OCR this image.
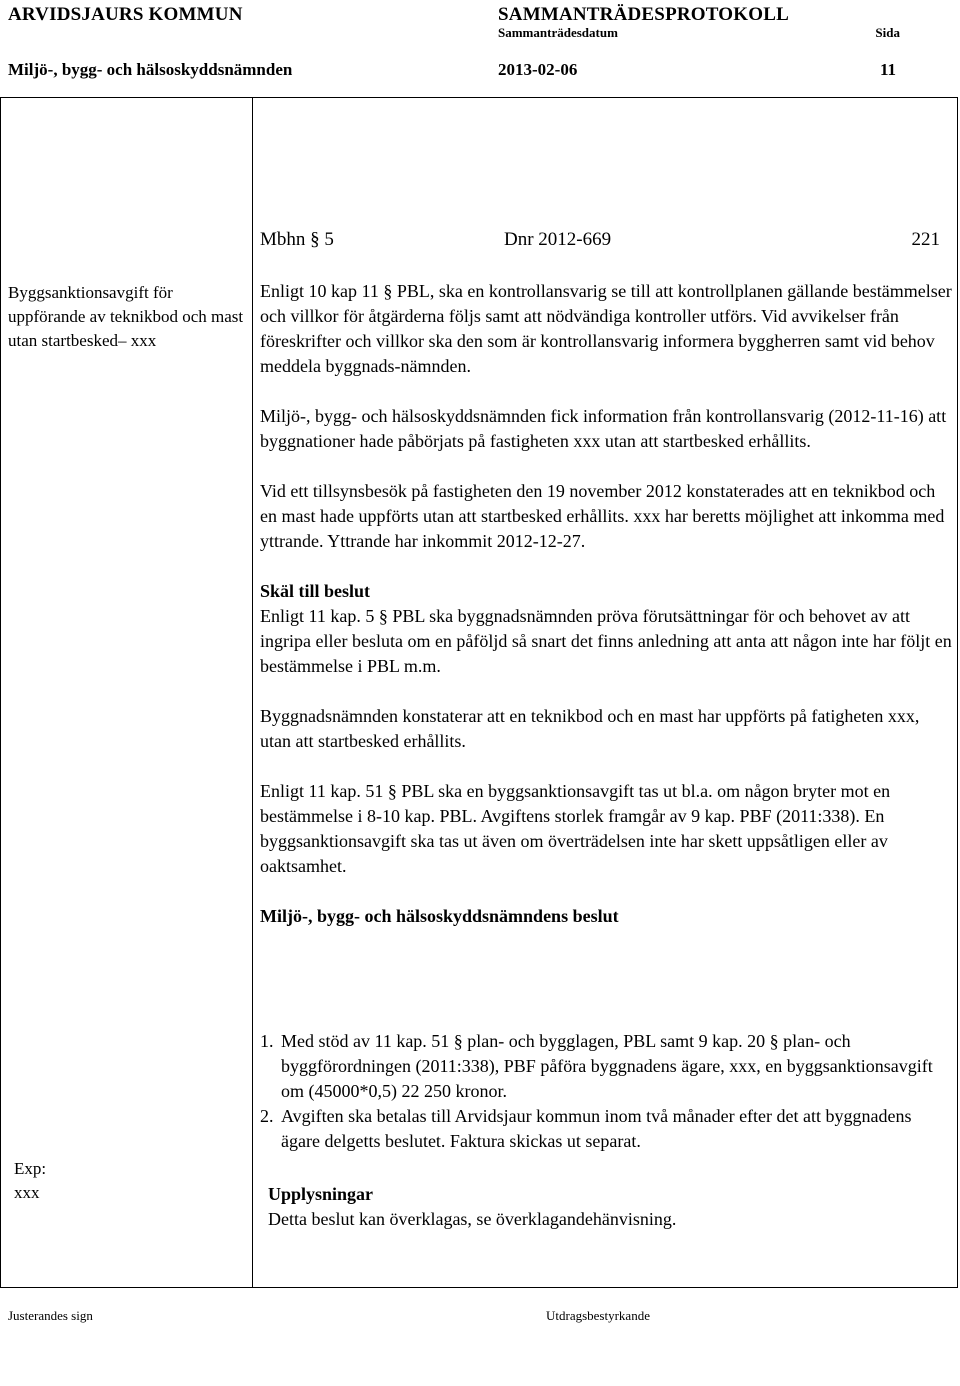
ARVIDSJAURS KOMMUN	SAMMANTRÄDESPROTOKOLL
Sammanträdesdatum	Sida
Miljö-, bygg- och hälsoskyddsnämnden	2013-02-06	11
Byggsanktionsavgift för uppförande av teknikbod och mast utan startbesked– xxx
Exp:
xxx
Mbhn § 5	Dnr 2012-669	221

Enligt 10 kap 11 § PBL, ska en kontrollansvarig se till att kontrollplanen gällande bestämmelser och villkor för åtgärderna följs samt att nödvändiga kontroller utförs. Vid avvikelser från föreskrifter och villkor ska den som är kontrollansvarig informera byggherren samt vid behov meddela byggnads-nämnden.

Miljö-, bygg- och hälsoskyddsnämnden fick information från kontrollansvarig (2012-11-16) att byggnationer hade påbörjats på fastigheten xxx utan att startbesked erhållits.

Vid ett tillsynsbesök på fastigheten den 19 november 2012 konstaterades att en teknikbod och en mast hade uppförts utan att startbesked erhållits. xxx har beretts möjlighet att inkomma med yttrande. Yttrande har inkommit 2012-12-27.

Skäl till beslut

Enligt 11 kap. 5 § PBL ska byggnadsnämnden pröva förutsättningar för och behovet av att ingripa eller besluta om en påföljd så snart det finns anledning att anta att någon inte har följt en bestämmelse i PBL m.m.

Byggnadsnämnden konstaterar att en teknikbod och en mast har uppförts på fatigheten xxx, utan att startbesked erhållits.

Enligt 11 kap. 51 § PBL ska en byggsanktionsavgift tas ut bl.a. om någon bryter mot en bestämmelse i 8-10 kap. PBL. Avgiftens storlek framgår av 9 kap. PBF (2011:338). En byggsanktionsavgift ska tas ut även om överträdelsen inte har skett uppsåtligen eller av oaktsamhet.

Miljö-, bygg- och hälsoskyddsnämndens beslut

1. Med stöd av 11 kap. 51 § plan- och bygglagen, PBL samt 9 kap. 20 § plan- och byggförordningen (2011:338), PBF påföra byggnadens ägare, xxx, en byggsanktionsavgift om (45000*0,5) 22 250 kronor.
2. Avgiften ska betalas till Arvidsjaur kommun inom två månader efter det att byggnadens ägare delgetts beslutet. Faktura skickas ut separat.
Upplysningar
Detta beslut kan överklagas, se överklagandehänvisning.
Justerandes sign	Utdragsbestyrkande
